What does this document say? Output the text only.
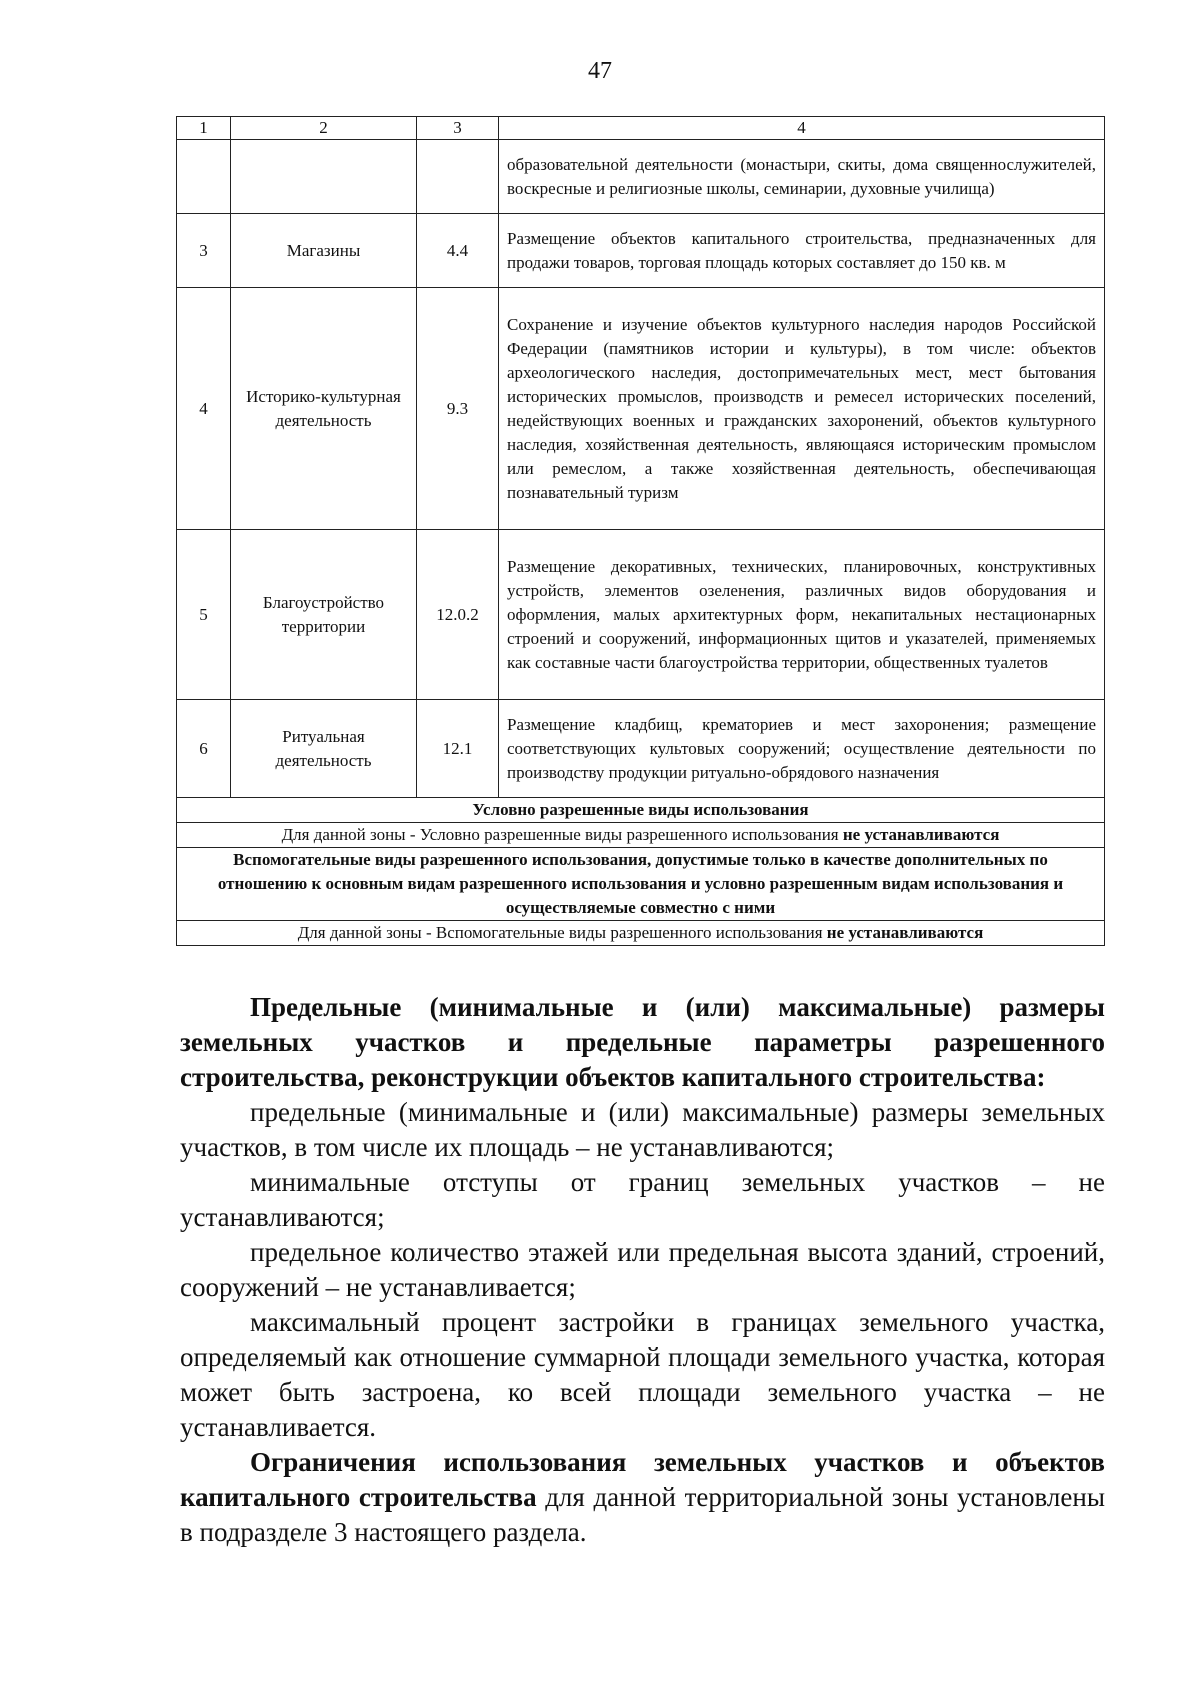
47
1	2	3	4
			образовательной деятельности (монастыри, скиты, дома священнослужителей, воскресные и религиозные школы, семинарии, духовные училища)
3	Магазины	4.4	Размещение объектов капитального строительства, предназначенных для продажи товаров, торговая площадь которых составляет до 150 кв. м
4	Историко-культурная деятельность	9.3	Сохранение и изучение объектов культурного наследия народов Российской Федерации (памятников истории и культуры), в том числе: объектов археологического наследия, достопримечательных мест, мест бытования исторических промыслов, производств и ремесел исторических поселений, недействующих военных и гражданских захоронений, объектов культурного наследия, хозяйственная деятельность, являющаяся историческим промыслом или ремеслом, а также хозяйственная деятельность, обеспечивающая познавательный туризм
5	Благоустройство территории	12.0.2	Размещение декоративных, технических, планировочных, конструктивных устройств, элементов озеленения, различных видов оборудования и оформления, малых архитектурных форм, некапитальных нестационарных строений и сооружений, информационных щитов и указателей, применяемых как составные части благоустройства территории, общественных туалетов
6	Ритуальная деятельность	12.1	Размещение кладбищ, крематориев и мест захоронения; размещение соответствующих культовых сооружений; осуществление деятельности по производству продукции ритуально-обрядового назначения
Условно разрешенные виды использования			
Для данной зоны - Условно разрешенные виды разрешенного использования не устанавливаются			
Вспомогательные виды разрешенного использования, допустимые только в качестве дополнительных по отношению к основным видам разрешенного использования и условно разрешенным видам использования и осуществляемые совместно с ними			
Для данной зоны - Вспомогательные виды разрешенного использования не устанавливаются			

Предельные (минимальные и (или) максимальные) размеры земельных участков и предельные параметры разрешенного строительства, реконструкции объектов капитального строительства:

предельные (минимальные и (или) максимальные) размеры земельных участков, в том числе их площадь – не устанавливаются;

минимальные отступы от границ земельных участков – не устанавливаются;

предельное количество этажей или предельная высота зданий, строений, сооружений – не устанавливается;

максимальный процент застройки в границах земельного участка, определяемый как отношение суммарной площади земельного участка, которая может быть застроена, ко всей площади земельного участка – не устанавливается.

Ограничения использования земельных участков и объектов капитального строительства для данной территориальной зоны установлены в подразделе 3 настоящего раздела.
